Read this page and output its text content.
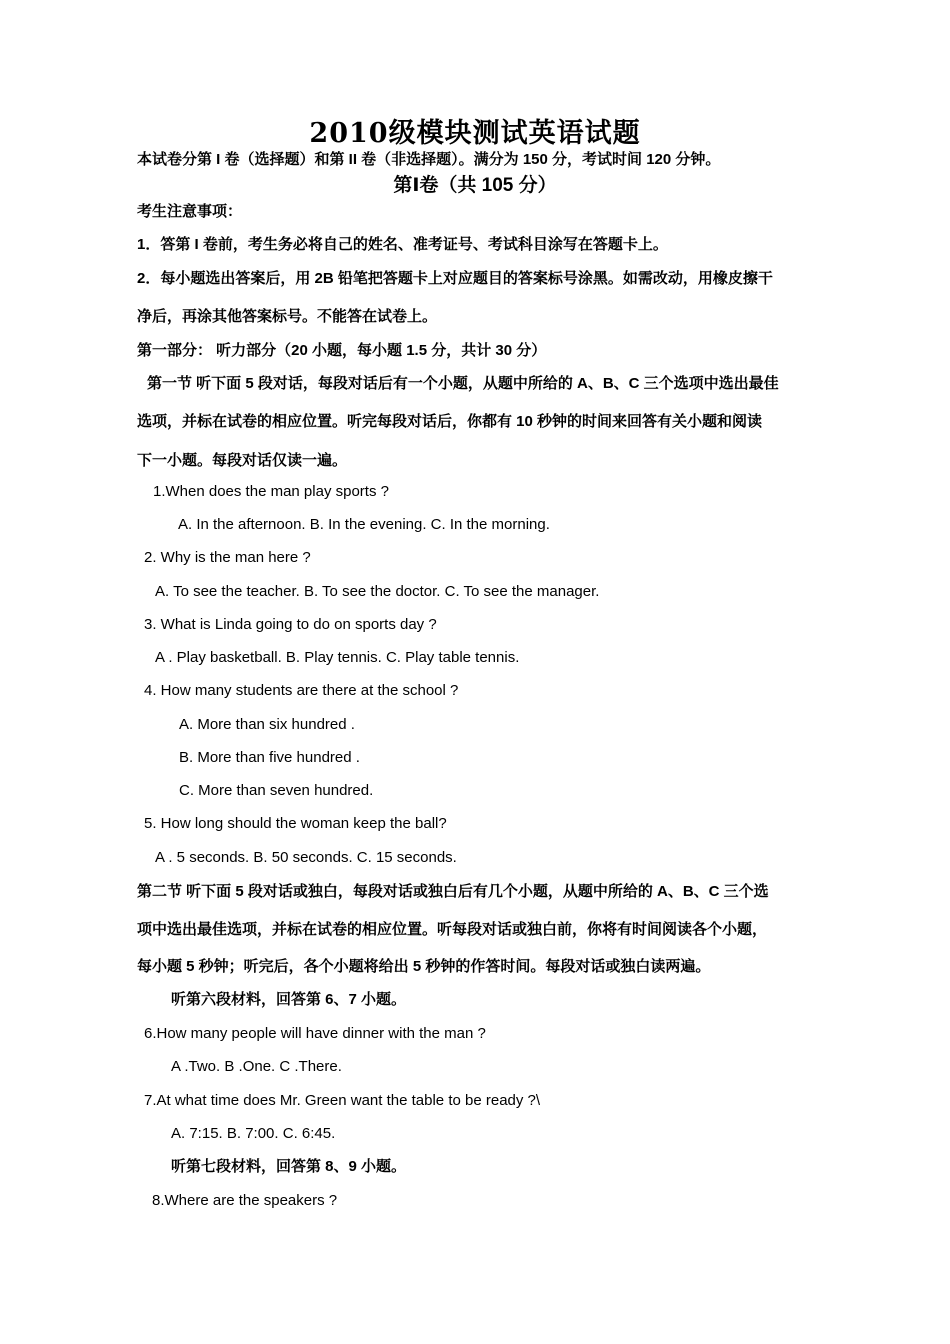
2010级模块测试英语试题
本试卷分第 I 卷（选择题）和第 II 卷（非选择题）。满分为 150 分，考试时间 120 分钟。
第Ⅰ卷（共 105 分）
考生注意事项：
1．答第 I 卷前，考生务必将自己的姓名、准考证号、考试科目涂写在答题卡上。
2．每小题选出答案后，用 2B 铅笔把答题卡上对应题目的答案标号涂黑。如需改动，用橡皮擦干
净后，再涂其他答案标号。不能答在试卷上。
第一部分： 听力部分（20 小题，每小题 1.5 分，共计 30 分）
第一节 听下面 5 段对话，每段对话后有一个小题，从题中所给的 A、B、C 三个选项中选出最佳
选项，并标在试卷的相应位置。听完每段对话后，你都有 10 秒钟的时间来回答有关小题和阅读
下一小题。每段对话仅读一遍。
1.When does the man play sports ?
A. In the afternoon. B. In the evening. C. In the morning.
2. Why is the man here ?
A. To see the teacher. B. To see the doctor. C. To see the manager.
3. What is Linda going to do on sports day ?
A . Play basketball. B. Play tennis. C. Play table tennis.
4. How many students are there at the school ?
A. More than six hundred .
B. More than five hundred .
C. More than seven hundred.
5. How long should the woman keep the ball?
A . 5 seconds. B. 50 seconds. C. 15 seconds.
第二节 听下面 5 段对话或独白，每段对话或独白后有几个小题，从题中所给的 A、B、C 三个选
项中选出最佳选项，并标在试卷的相应位置。听每段对话或独白前，你将有时间阅读各个小题，
每小题 5 秒钟；听完后，各个小题将给出 5 秒钟的作答时间。每段对话或独白读两遍。
听第六段材料，回答第 6、7 小题。
6.How many people will have dinner with the man ?
A .Two. B .One. C .There.
7.At what time does Mr. Green want the table to be ready ?\
A. 7:15. B. 7:00. C. 6:45.
听第七段材料，回答第 8、9 小题。
8.Where are the speakers ?
